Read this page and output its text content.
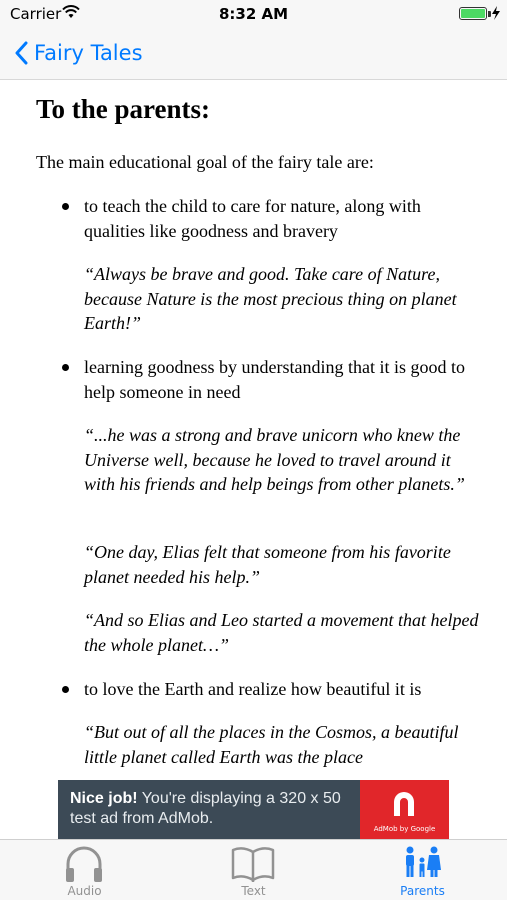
Carrier	8:32 AM
Fairy Tales
To the parents:

The main educational goal of the fairy tale are:

to teach the child to care for nature, along with qualities like goodness and bravery

“Always be brave and good. Take care of Nature, because Nature is the most precious thing on planet Earth!”

learning goodness by understanding that it is good to help someone in need

“...he was a strong and brave unicorn who knew the Universe well, because he loved to travel around it with his friends and help beings from other planets.”

“One day, Elias felt that someone from his favorite planet needed his help.”

“And so Elias and Leo started a movement that helped the whole planet…”

to love the Earth and realize how beautiful it is

“But out of all the places in the Cosmos, a beautiful little planet called Earth was the place

Nice job! You're displaying a 320 x 50 test ad from AdMob.
AdMob by Google
Audio	Text	Parents
